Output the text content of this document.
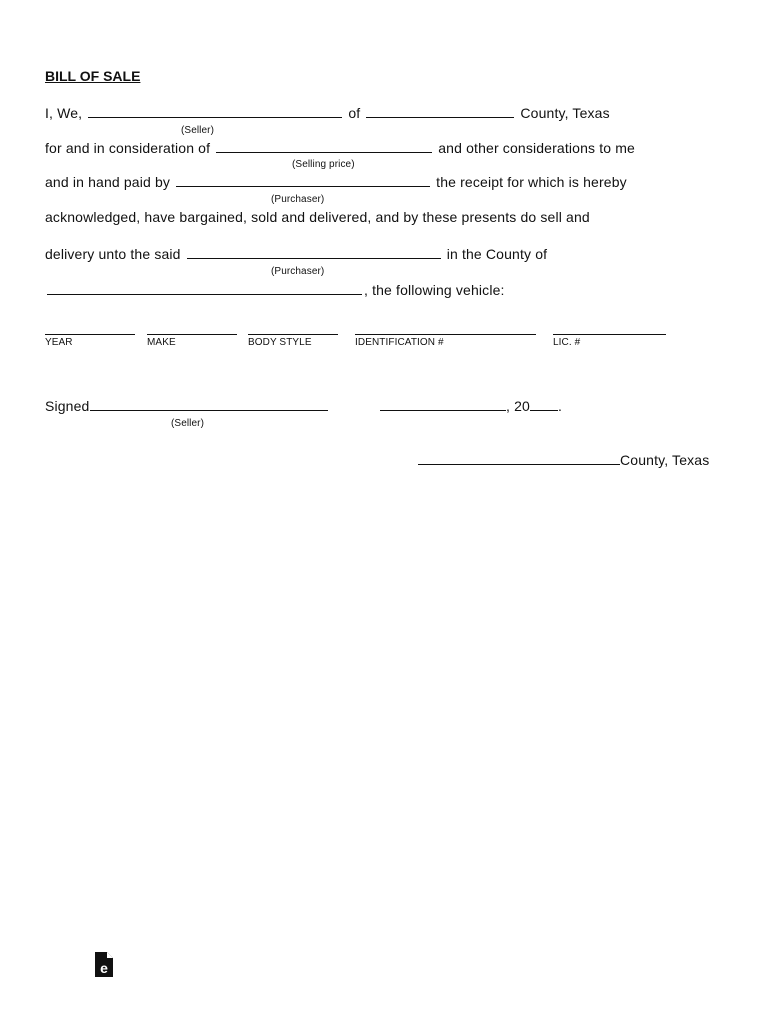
BILL OF SALE
I, We,	of	County, Texas
(Seller)
for and in consideration of	and other considerations to me
(Selling price)
and in hand paid by	the receipt for which is hereby
(Purchaser)
acknowledged, have bargained, sold and delivered, and by these presents do sell and
delivery unto the said	in the County of
(Purchaser)
, the following vehicle:
YEAR	MAKE	BODY STYLE	IDENTIFICATION #	LIC. #
Signed
(Seller)
, 20 .
County, Texas
e
